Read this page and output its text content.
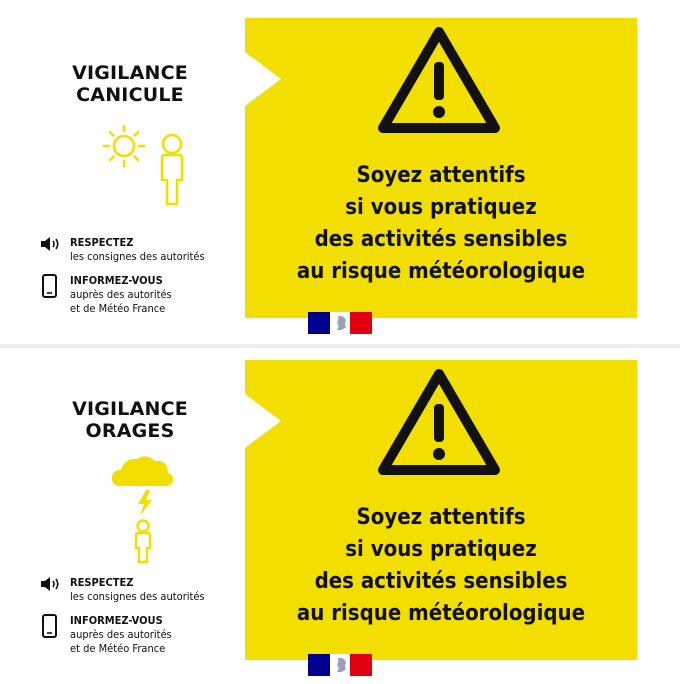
VIGILANCE
CANICULE
RESPECTEZ
les consignes des autorités
INFORMEZ-VOUS
auprès des autorités
et de Météo France
Soyez attentifs
si vous pratiquez
des activités sensibles
au risque météorologique
VIGILANCE
ORAGES
RESPECTEZ
les consignes des autorités
INFORMEZ-VOUS
auprès des autorités
et de Météo France
Soyez attentifs
si vous pratiquez
des activités sensibles
au risque météorologique
